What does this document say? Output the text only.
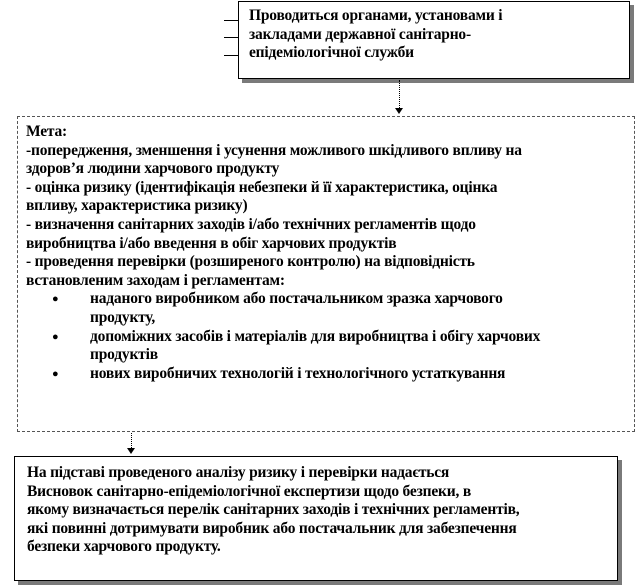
Проводиться органами, установами і
закладами державної санітарно-
епідеміологічної служби
Мета:
-попередження, зменшення і усунення можливого шкідливого впливу на
здоров’я людини харчового продукту
- оцінка ризику (ідентифікація небезпеки й її характеристика, оцінка
впливу, характеристика ризику)
- визначення санітарних заходів і/або технічних регламентів щодо
виробництва і/або введення в обіг харчових продуктів
- проведення перевірки (розширеного контролю) на відповідність
встановленим заходам і регламентам:
●	наданого виробником або постачальником зразка харчового
продукту,
●	допоміжних засобів і матеріалів для виробництва і обігу харчових
продуктів
●	нових виробничих технологій і технологічного устаткування
На підставі проведеного аналізу ризику і перевірки надається
Висновок санітарно-епідеміологічної експертизи щодо безпеки, в
якому визначається перелік санітарних заходів і технічних регламентів,
які повинні дотримувати виробник або постачальник для забезпечення
безпеки харчового продукту.
